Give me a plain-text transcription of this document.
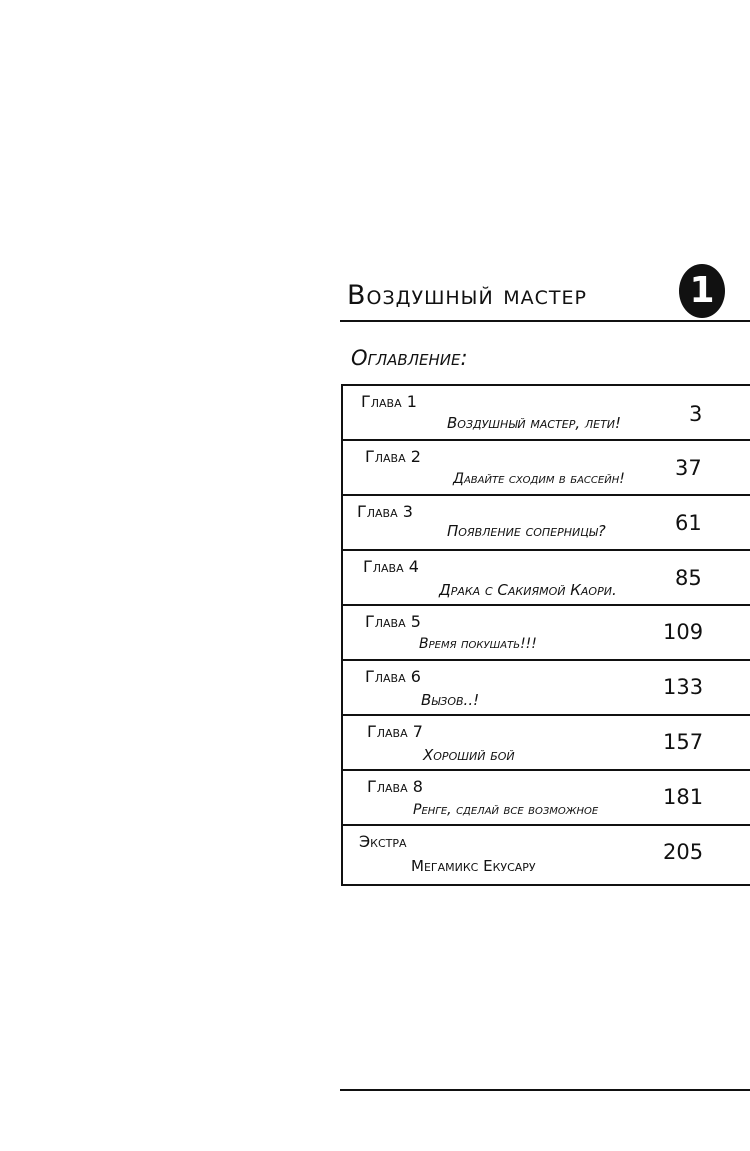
Воздушный мастер	1
Оглавление:
Глава 1
Воздушный мастер, лети!	3
Глава 2
Давайте сходим в бассейн! 37
Глава 3
Появление соперницы?	61
Глава 4
Драка с Сакиямой Каори.	85
Глава 5
Время покушать!!!	109
Глава 6
Вызов..!
133
Глава 7
Хороший бой
157
Глава 8
Ренге, сделай все возможное
181
Экстра
Мегамикс Екусару
205
